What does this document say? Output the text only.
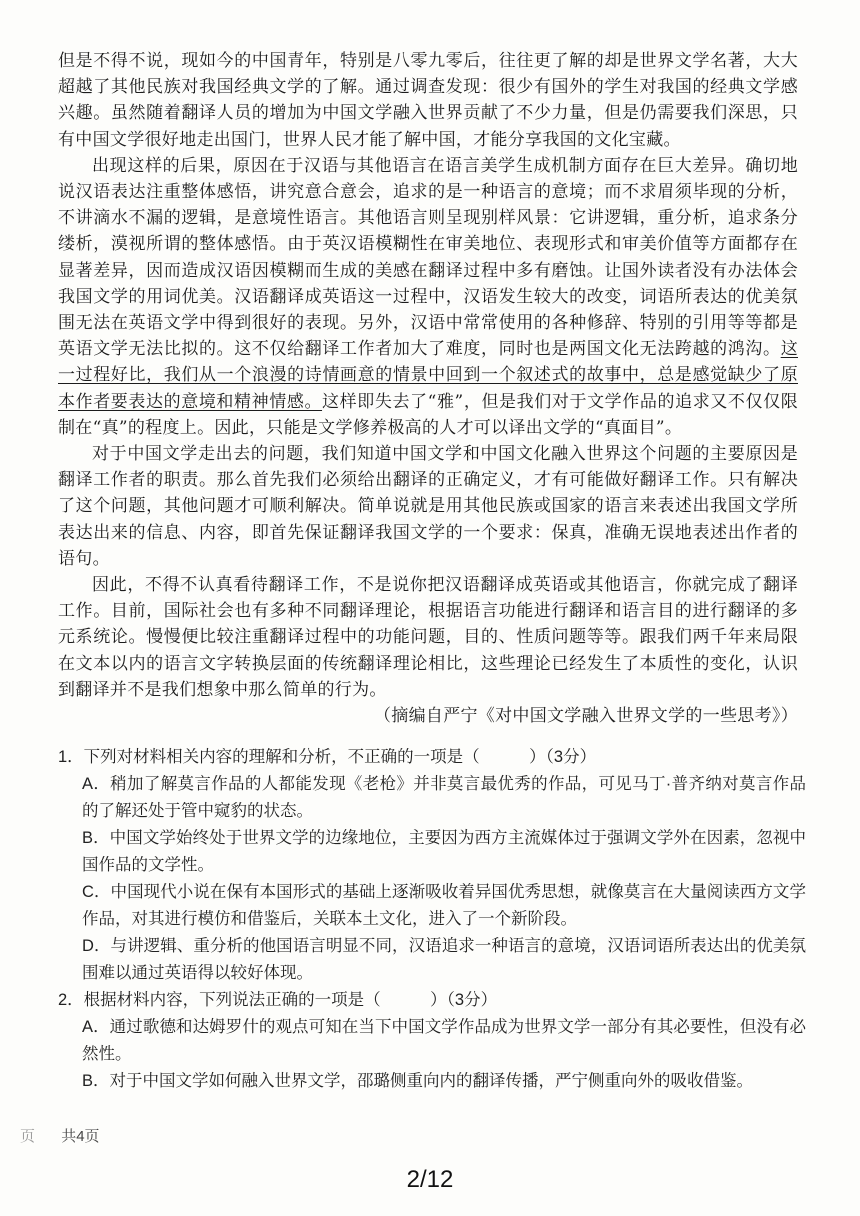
但是不得不说，现如今的中国青年，特别是八零九零后，往往更了解的却是世界文学名著，大大超越了其他民族对我国经典文学的了解。通过调查发现：很少有国外的学生对我国的经典文学感兴趣。虽然随着翻译人员的增加为中国文学融入世界贡献了不少力量，但是仍需要我们深思，只有中国文学很好地走出国门，世界人民才能了解中国，才能分享我国的文化宝藏。

出现这样的后果，原因在于汉语与其他语言在语言美学生成机制方面存在巨大差异。确切地说汉语表达注重整体感悟，讲究意合意会，追求的是一种语言的意境；而不求眉须毕现的分析，不讲滴水不漏的逻辑，是意境性语言。其他语言则呈现别样风景：它讲逻辑，重分析，追求条分缕析，漠视所谓的整体感悟。由于英汉语模糊性在审美地位、表现形式和审美价值等方面都存在显著差异，因而造成汉语因模糊而生成的美感在翻译过程中多有磨蚀。让国外读者没有办法体会我国文学的用词优美。汉语翻译成英语这一过程中，汉语发生较大的改变，词语所表达的优美氛围无法在英语文学中得到很好的表现。另外，汉语中常常使用的各种修辞、特别的引用等等都是英语文学无法比拟的。这不仅给翻译工作者加大了难度，同时也是两国文化无法跨越的鸿沟。这一过程好比，我们从一个浪漫的诗情画意的情景中回到一个叙述式的故事中，总是感觉缺少了原本作者要表达的意境和精神情感。这样即失去了“雅”，但是我们对于文学作品的追求又不仅仅限制在“真”的程度上。因此，只能是文学修养极高的人才可以译出文学的“真面目”。

对于中国文学走出去的问题，我们知道中国文学和中国文化融入世界这个问题的主要原因是翻译工作者的职责。那么首先我们必须给出翻译的正确定义，才有可能做好翻译工作。只有解决了这个问题，其他问题才可顺利解决。简单说就是用其他民族或国家的语言来表述出我国文学所表达出来的信息、内容，即首先保证翻译我国文学的一个要求：保真，准确无误地表述出作者的语句。

因此，不得不认真看待翻译工作，不是说你把汉语翻译成英语或其他语言，你就完成了翻译工作。目前，国际社会也有多种不同翻译理论，根据语言功能进行翻译和语言目的进行翻译的多元系统论。慢慢便比较注重翻译过程中的功能问题，目的、性质问题等等。跟我们两千年来局限在文本以内的语言文字转换层面的传统翻译理论相比，这些理论已经发生了本质性的变化，认识到翻译并不是我们想象中那么简单的行为。

（摘编自严宁《对中国文学融入世界文学的一些思考》）

1．下列对材料相关内容的理解和分析，不正确的一项是（　　　）（3分）

A．稍加了解莫言作品的人都能发现《老枪》并非莫言最优秀的作品，可见马丁·普齐纳对莫言作品的了解还处于管中窥豹的状态。

B．中国文学始终处于世界文学的边缘地位，主要因为西方主流媒体过于强调文学外在因素，忽视中国作品的文学性。

C．中国现代小说在保有本国形式的基础上逐渐吸收着异国优秀思想，就像莫言在大量阅读西方文学作品，对其进行模仿和借鉴后，关联本土文化，进入了一个新阶段。

D．与讲逻辑、重分析的他国语言明显不同，汉语追求一种语言的意境，汉语词语所表达出的优美氛围难以通过英语得以较好体现。

2．根据材料内容，下列说法正确的一项是（　　　）（3分）

A．通过歌德和达姆罗什的观点可知在当下中国文学作品成为世界文学一部分有其必要性，但没有必然性。

B．对于中国文学如何融入世界文学，邵璐侧重向内的翻译传播，严宁侧重向外的吸收借鉴。

页 共4页
2/12
